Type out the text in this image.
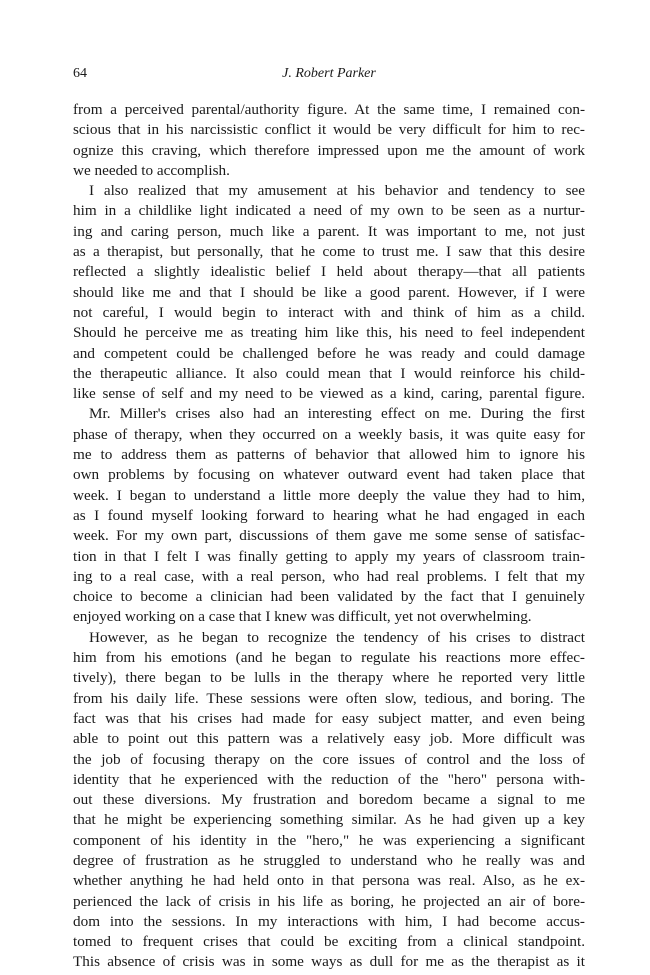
64	J. Robert Parker
from a perceived parental/authority figure. At the same time, I remained con-
scious that in his narcissistic conflict it would be very difficult for him to rec-
ognize this craving, which therefore impressed upon me the amount of work
we needed to accomplish.
I also realized that my amusement at his behavior and tendency to see
him in a childlike light indicated a need of my own to be seen as a nurtur-
ing and caring person, much like a parent. It was important to me, not just
as a therapist, but personally, that he come to trust me. I saw that this desire
reflected a slightly idealistic belief I held about therapy—that all patients
should like me and that I should be like a good parent. However, if I were
not careful, I would begin to interact with and think of him as a child.
Should he perceive me as treating him like this, his need to feel independent
and competent could be challenged before he was ready and could damage
the therapeutic alliance. It also could mean that I would reinforce his child-
like sense of self and my need to be viewed as a kind, caring, parental figure.
Mr. Miller's crises also had an interesting effect on me. During the first
phase of therapy, when they occurred on a weekly basis, it was quite easy for
me to address them as patterns of behavior that allowed him to ignore his
own problems by focusing on whatever outward event had taken place that
week. I began to understand a little more deeply the value they had to him,
as I found myself looking forward to hearing what he had engaged in each
week. For my own part, discussions of them gave me some sense of satisfac-
tion in that I felt I was finally getting to apply my years of classroom train-
ing to a real case, with a real person, who had real problems. I felt that my
choice to become a clinician had been validated by the fact that I genuinely
enjoyed working on a case that I knew was difficult, yet not overwhelming.
However, as he began to recognize the tendency of his crises to distract
him from his emotions (and he began to regulate his reactions more effec-
tively), there began to be lulls in the therapy where he reported very little
from his daily life. These sessions were often slow, tedious, and boring. The
fact was that his crises had made for easy subject matter, and even being
able to point out this pattern was a relatively easy job. More difficult was
the job of focusing therapy on the core issues of control and the loss of
identity that he experienced with the reduction of the "hero" persona with-
out these diversions. My frustration and boredom became a signal to me
that he might be experiencing something similar. As he had given up a key
component of his identity in the "hero," he was experiencing a significant
degree of frustration as he struggled to understand who he really was and
whether anything he had held onto in that persona was real. Also, as he ex-
perienced the lack of crisis in his life as boring, he projected an air of bore-
dom into the sessions. In my interactions with him, I had become accus-
tomed to frequent crises that could be exciting from a clinical standpoint.
This absence of crisis was in some ways as dull for me as the therapist as it
